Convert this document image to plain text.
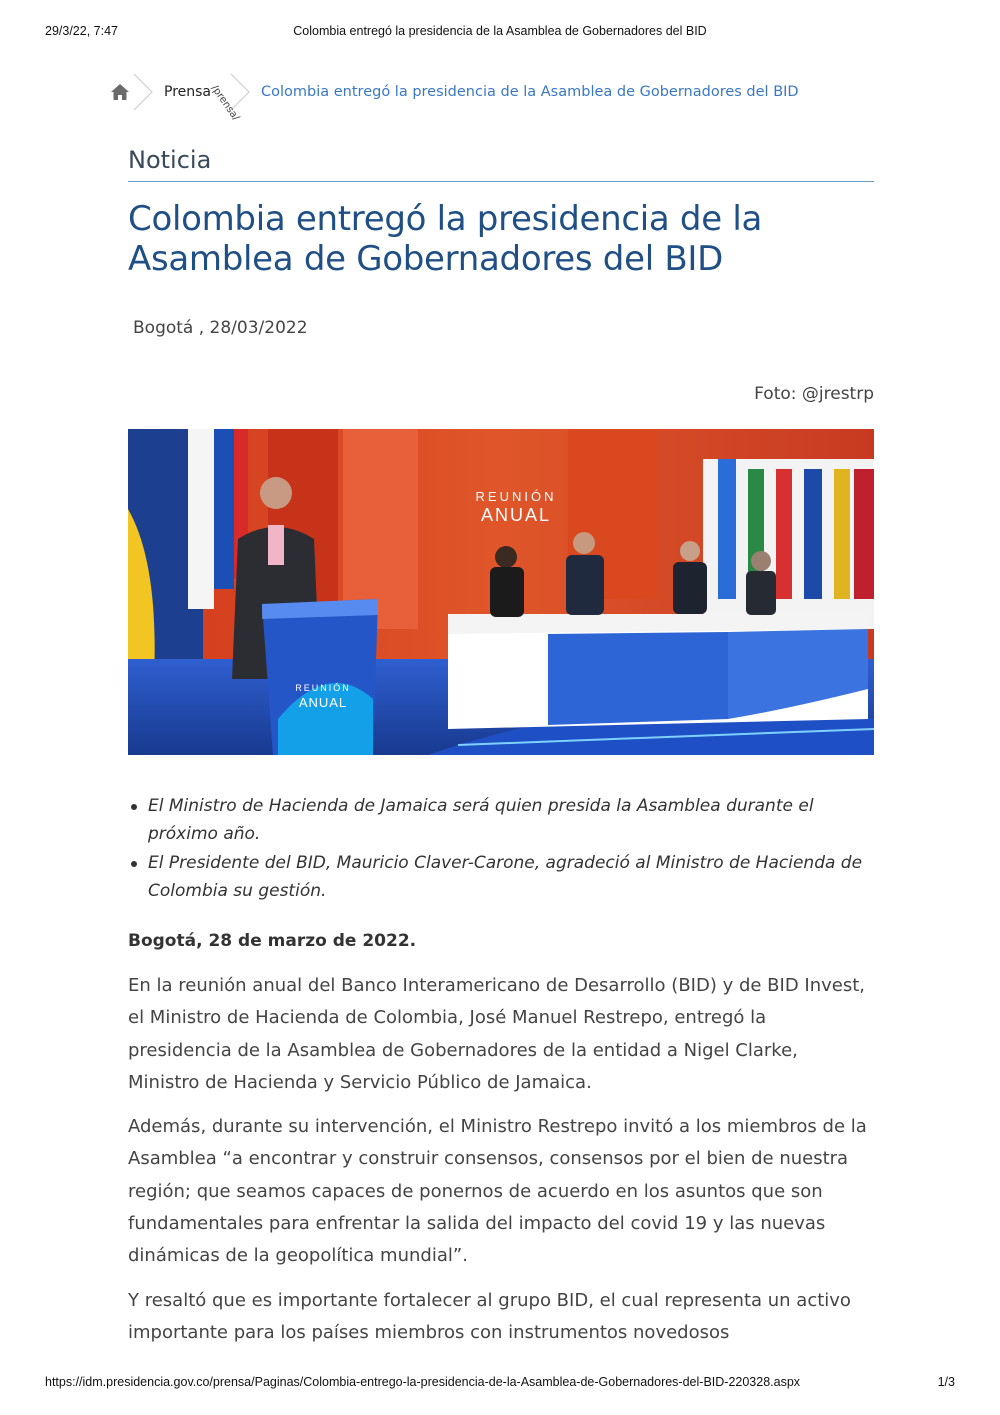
29/3/22, 7:47	Colombia entregó la presidencia de la Asamblea de Gobernadores del BID
Prensa
/prensa/ Colombia entregó la presidencia de la Asamblea de Gobernadores del BID
Noticia
Colombia entregó la presidencia de la Asamblea de Gobernadores del BID
Bogotá , 28/03/2022
Foto: @jrestrp
REUNIÓN
ANUAL
REUNIÓN
ANUAL
El Ministro de Hacienda de Jamaica será quien presida la Asamblea durante el próximo año.
El Presidente del BID, Mauricio Claver-Carone, agradeció al Ministro de Hacienda de Colombia su gestión.

Bogotá, 28 de marzo de 2022.

En la reunión anual del Banco Interamericano de Desarrollo (BID) y de BID Invest, el Ministro de Hacienda de Colombia, José Manuel Restrepo, entregó la presidencia de la Asamblea de Gobernadores de la entidad a Nigel Clarke, Ministro de Hacienda y Servicio Público de Jamaica.

Además, durante su intervención, el Ministro Restrepo invitó a los miembros de la Asamblea “a encontrar y construir consensos, consensos por el bien de nuestra región; que seamos capaces de ponernos de acuerdo en los asuntos que son fundamentales para enfrentar la salida del impacto del covid 19 y las nuevas dinámicas de la geopolítica mundial”.

Y resaltó que es importante fortalecer al grupo BID, el cual representa un activo importante para los países miembros con instrumentos novedosos

https://idm.presidencia.gov.co/prensa/Paginas/Colombia-entrego-la-presidencia-de-la-Asamblea-de-Gobernadores-del-BID-220328.aspx	1/3
